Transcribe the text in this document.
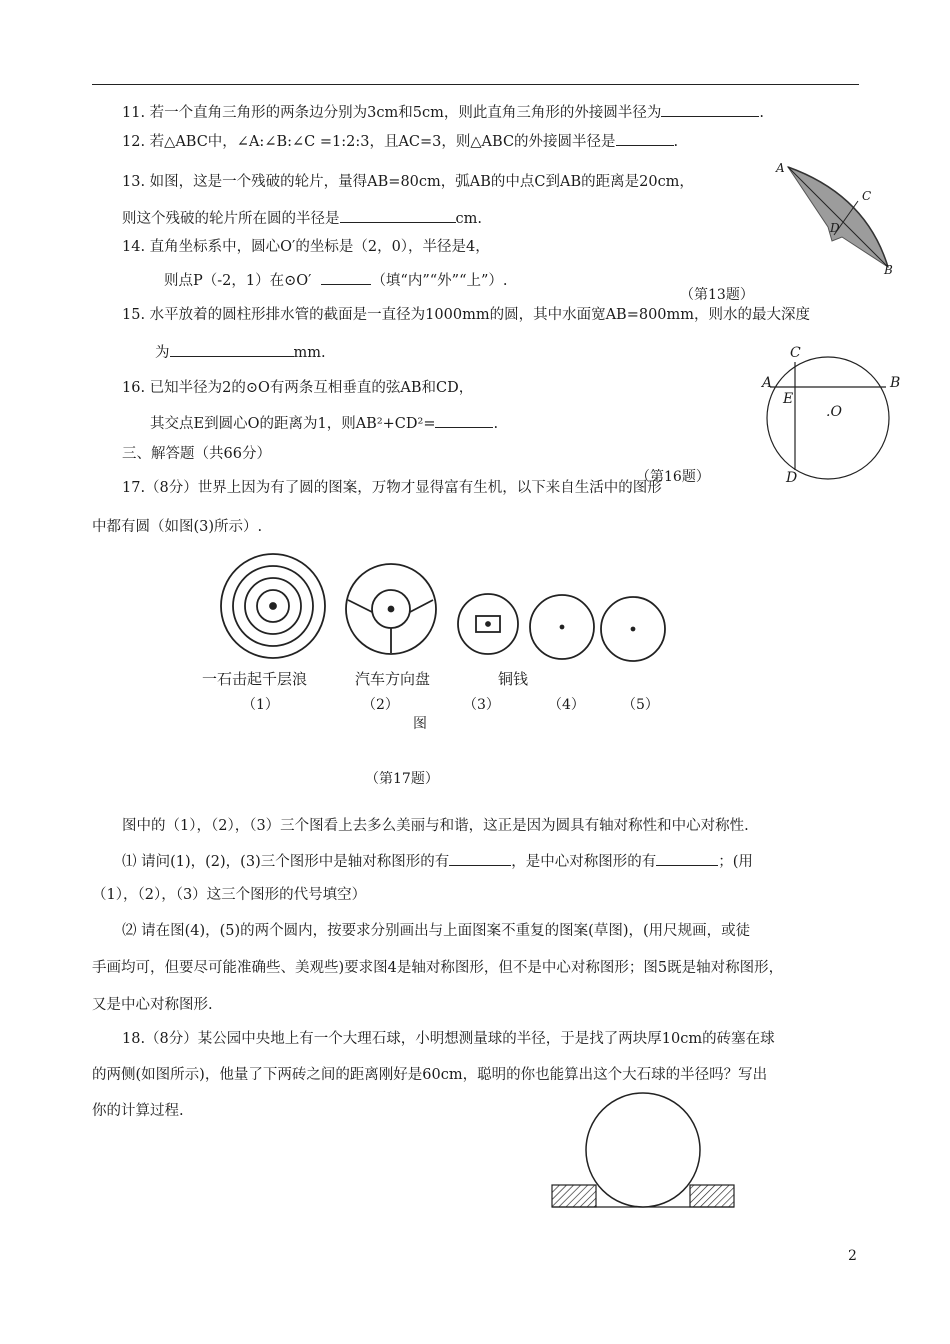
11. 若一个直角三角形的两条边分别为3cm和5cm，则此直角三角形的外接圆半径为	.
12. 若△ABC中，∠A:∠B:∠C =1:2:3，且AC=3，则△ABC的外接圆半径是	.
13. 如图，这是一个残破的轮片，量得AB=80cm，弧AB的中点C到AB的距离是20cm，
则这个残破的轮片所在圆的半径是	cm.
14. 直角坐标系中，圆心O′的坐标是（2，0），半径是4，
则点P（-2，1）在⊙O′	（填“内”“外”“上”）.
A
C
D
B
（第13题）
15. 水平放着的圆柱形排水管的截面是一直径为1000mm的圆，其中水面宽AB=800mm，则水的最大深度
为	mm.	C
A	B
E
.O
D
（第16题）
16. 已知半径为2的⊙O有两条互相垂直的弦AB和CD，
其交点E到圆心O的距离为1，则AB²+CD²=	.
三、解答题（共66分）
17.（8分）世界上因为有了圆的图案，万物才显得富有生机，以下来自生活中的图形
中都有圆（如图(3)所示）.
一石击起千层浪	汽车方向盘	铜钱
（1）	（2）	（3）	（4）	（5）
图
（第17题）
图中的（1），（2），（3）三个图看上去多么美丽与和谐，这正是因为圆具有轴对称性和中心对称性.
⑴ 请问(1)，(2)，(3)三个图形中是轴对称图形的有	，是中心对称图形的有	；(用
（1），（2），（3）这三个图形的代号填空）
⑵ 请在图(4)，(5)的两个圆内，按要求分别画出与上面图案不重复的图案(草图)，(用尺规画，或徒
手画均可，但要尽可能准确些、美观些)要求图4是轴对称图形，但不是中心对称图形；图5既是轴对称图形，
又是中心对称图形.
18.（8分）某公园中央地上有一个大理石球，小明想测量球的半径，于是找了两块厚10cm的砖塞在球
的两侧(如图所示)，他量了下两砖之间的距离刚好是60cm，聪明的你也能算出这个大石球的半径吗？写出
你的计算过程.
2
